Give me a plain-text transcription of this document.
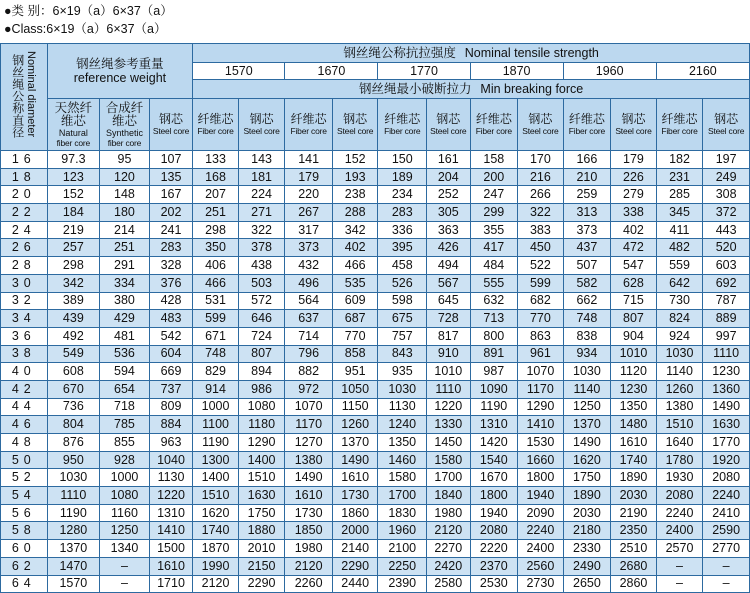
●类 别：6×19（a）6×37（a）
●Class:6×19（a）6×37（a）
钢丝绳公称直径Nominal diameter	钢丝绳参考重量
reference weight			钢丝绳公称抗拉强度 Nominal tensile strength											
				1570		1670		1770		1870		1960		2160	
				钢丝绳最小破断拉力 Min breaking force											

	天然纤
维芯
Natural
fiber core	合成纤
维芯
Synthetic
fiber core	钢芯
Steel core	纤维芯
Fiber core	钢芯
Steel core	纤维芯
Fiber core	钢芯
Steel core	纤维芯
Fiber core	钢芯
Steel core	纤维芯
Fiber core	钢芯
Steel core	纤维芯
Fiber core	钢芯
Steel core	纤维芯
Fiber core	钢芯
Steel core

16	97.3	95	107	133	143	141	152	150	161	158	170	166	179	182	197
18	123	120	135	168	181	179	193	189	204	200	216	210	226	231	249
20	152	148	167	207	224	220	238	234	252	247	266	259	279	285	308
22	184	180	202	251	271	267	288	283	305	299	322	313	338	345	372
24	219	214	241	298	322	317	342	336	363	355	383	373	402	411	443
26	257	251	283	350	378	373	402	395	426	417	450	437	472	482	520
28	298	291	328	406	438	432	466	458	494	484	522	507	547	559	603
30	342	334	376	466	503	496	535	526	567	555	599	582	628	642	692
32	389	380	428	531	572	564	609	598	645	632	682	662	715	730	787
34	439	429	483	599	646	637	687	675	728	713	770	748	807	824	889
36	492	481	542	671	724	714	770	757	817	800	863	838	904	924	997
38	549	536	604	748	807	796	858	843	910	891	961	934	1010	1030	1110
40	608	594	669	829	894	882	951	935	1010	987	1070	1030	1120	1140	1230
42	670	654	737	914	986	972	1050	1030	1110	1090	1170	1140	1230	1260	1360
44	736	718	809	1000	1080	1070	1150	1130	1220	1190	1290	1250	1350	1380	1490
46	804	785	884	1100	1180	1170	1260	1240	1330	1310	1410	1370	1480	1510	1630
48	876	855	963	1190	1290	1270	1370	1350	1450	1420	1530	1490	1610	1640	1770
50	950	928	1040	1300	1400	1380	1490	1460	1580	1540	1660	1620	1740	1780	1920
52	1030	1000	1130	1400	1510	1490	1610	1580	1700	1670	1800	1750	1890	1930	2080
54	1110	1080	1220	1510	1630	1610	1730	1700	1840	1800	1940	1890	2030	2080	2240
56	1190	1160	1310	1620	1750	1730	1860	1830	1980	1940	2090	2030	2190	2240	2410
58	1280	1250	1410	1740	1880	1850	2000	1960	2120	2080	2240	2180	2350	2400	2590
60	1370	1340	1500	1870	2010	1980	2140	2100	2270	2220	2400	2330	2510	2570	2770
62	1470	–	1610	1990	2150	2120	2290	2250	2420	2370	2560	2490	2680	–	–
64	1570	–	1710	2120	2290	2260	2440	2390	2580	2530	2730	2650	2860	–	–
